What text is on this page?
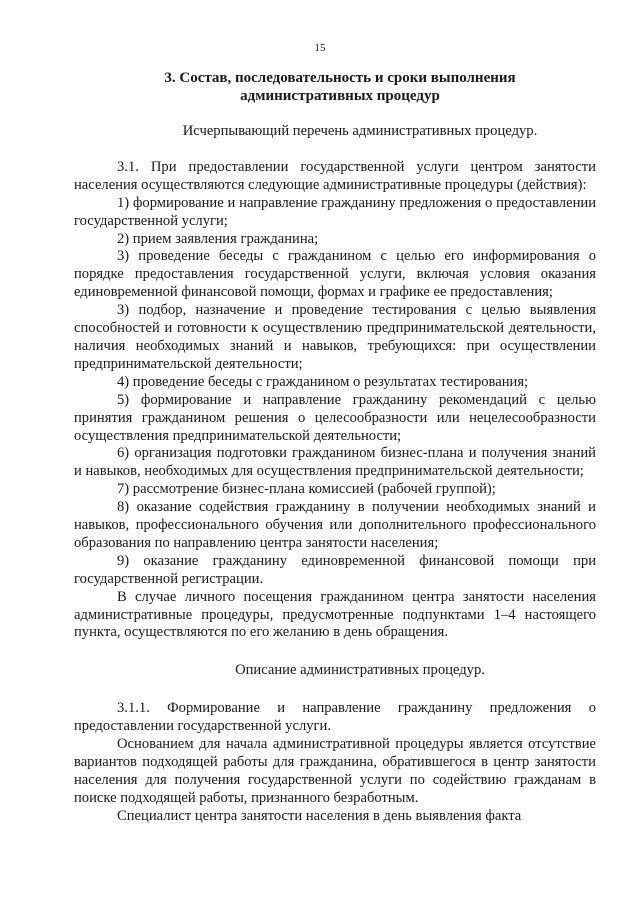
15
3. Состав, последовательность и сроки выполнения
административных процедур

Исчерпывающий перечень административных процедур.

3.1. При предоставлении государственной услуги центром занятости населения осуществляются следующие административные процедуры (действия):

1) формирование и направление гражданину предложения о предоставлении государственной услуги;

2) прием заявления гражданина;

3) проведение беседы с гражданином с целью его информирования о порядке предоставления государственной услуги, включая условия оказания единовременной финансовой помощи, формах и графике ее предоставления;

3) подбор, назначение и проведение тестирования с целью выявления способностей и готовности к осуществлению предпринимательской деятельности, наличия необходимых знаний и навыков, требующихся: при осуществлении предпринимательской деятельности;

4) проведение беседы с гражданином о результатах тестирования;

5) формирование и направление гражданину рекомендаций с целью принятия гражданином решения о целесообразности или нецелесообразности осуществления предпринимательской деятельности;

6) организация подготовки гражданином бизнес-плана и получения знаний и навыков, необходимых для осуществления предпринимательской деятельности;

7) рассмотрение бизнес-плана комиссией (рабочей группой);

8) оказание содействия гражданину в получении необходимых знаний и навыков, профессионального обучения или дополнительного профессионального образования по направлению центра занятости населения;

9) оказание гражданину единовременной финансовой помощи при государственной регистрации.

В случае личного посещения гражданином центра занятости населения административные процедуры, предусмотренные подпунктами 1–4 настоящего пункта, осуществляются по его желанию в день обращения.

Описание административных процедур.

3.1.1. Формирование и направление гражданину предложения о предоставлении государственной услуги.

Основанием для начала административной процедуры является отсутствие вариантов подходящей работы для гражданина, обратившегося в центр занятости населения для получения государственной услуги по содействию гражданам в поиске подходящей работы, признанного безработным.

Специалист центра занятости населения в день выявления факта
